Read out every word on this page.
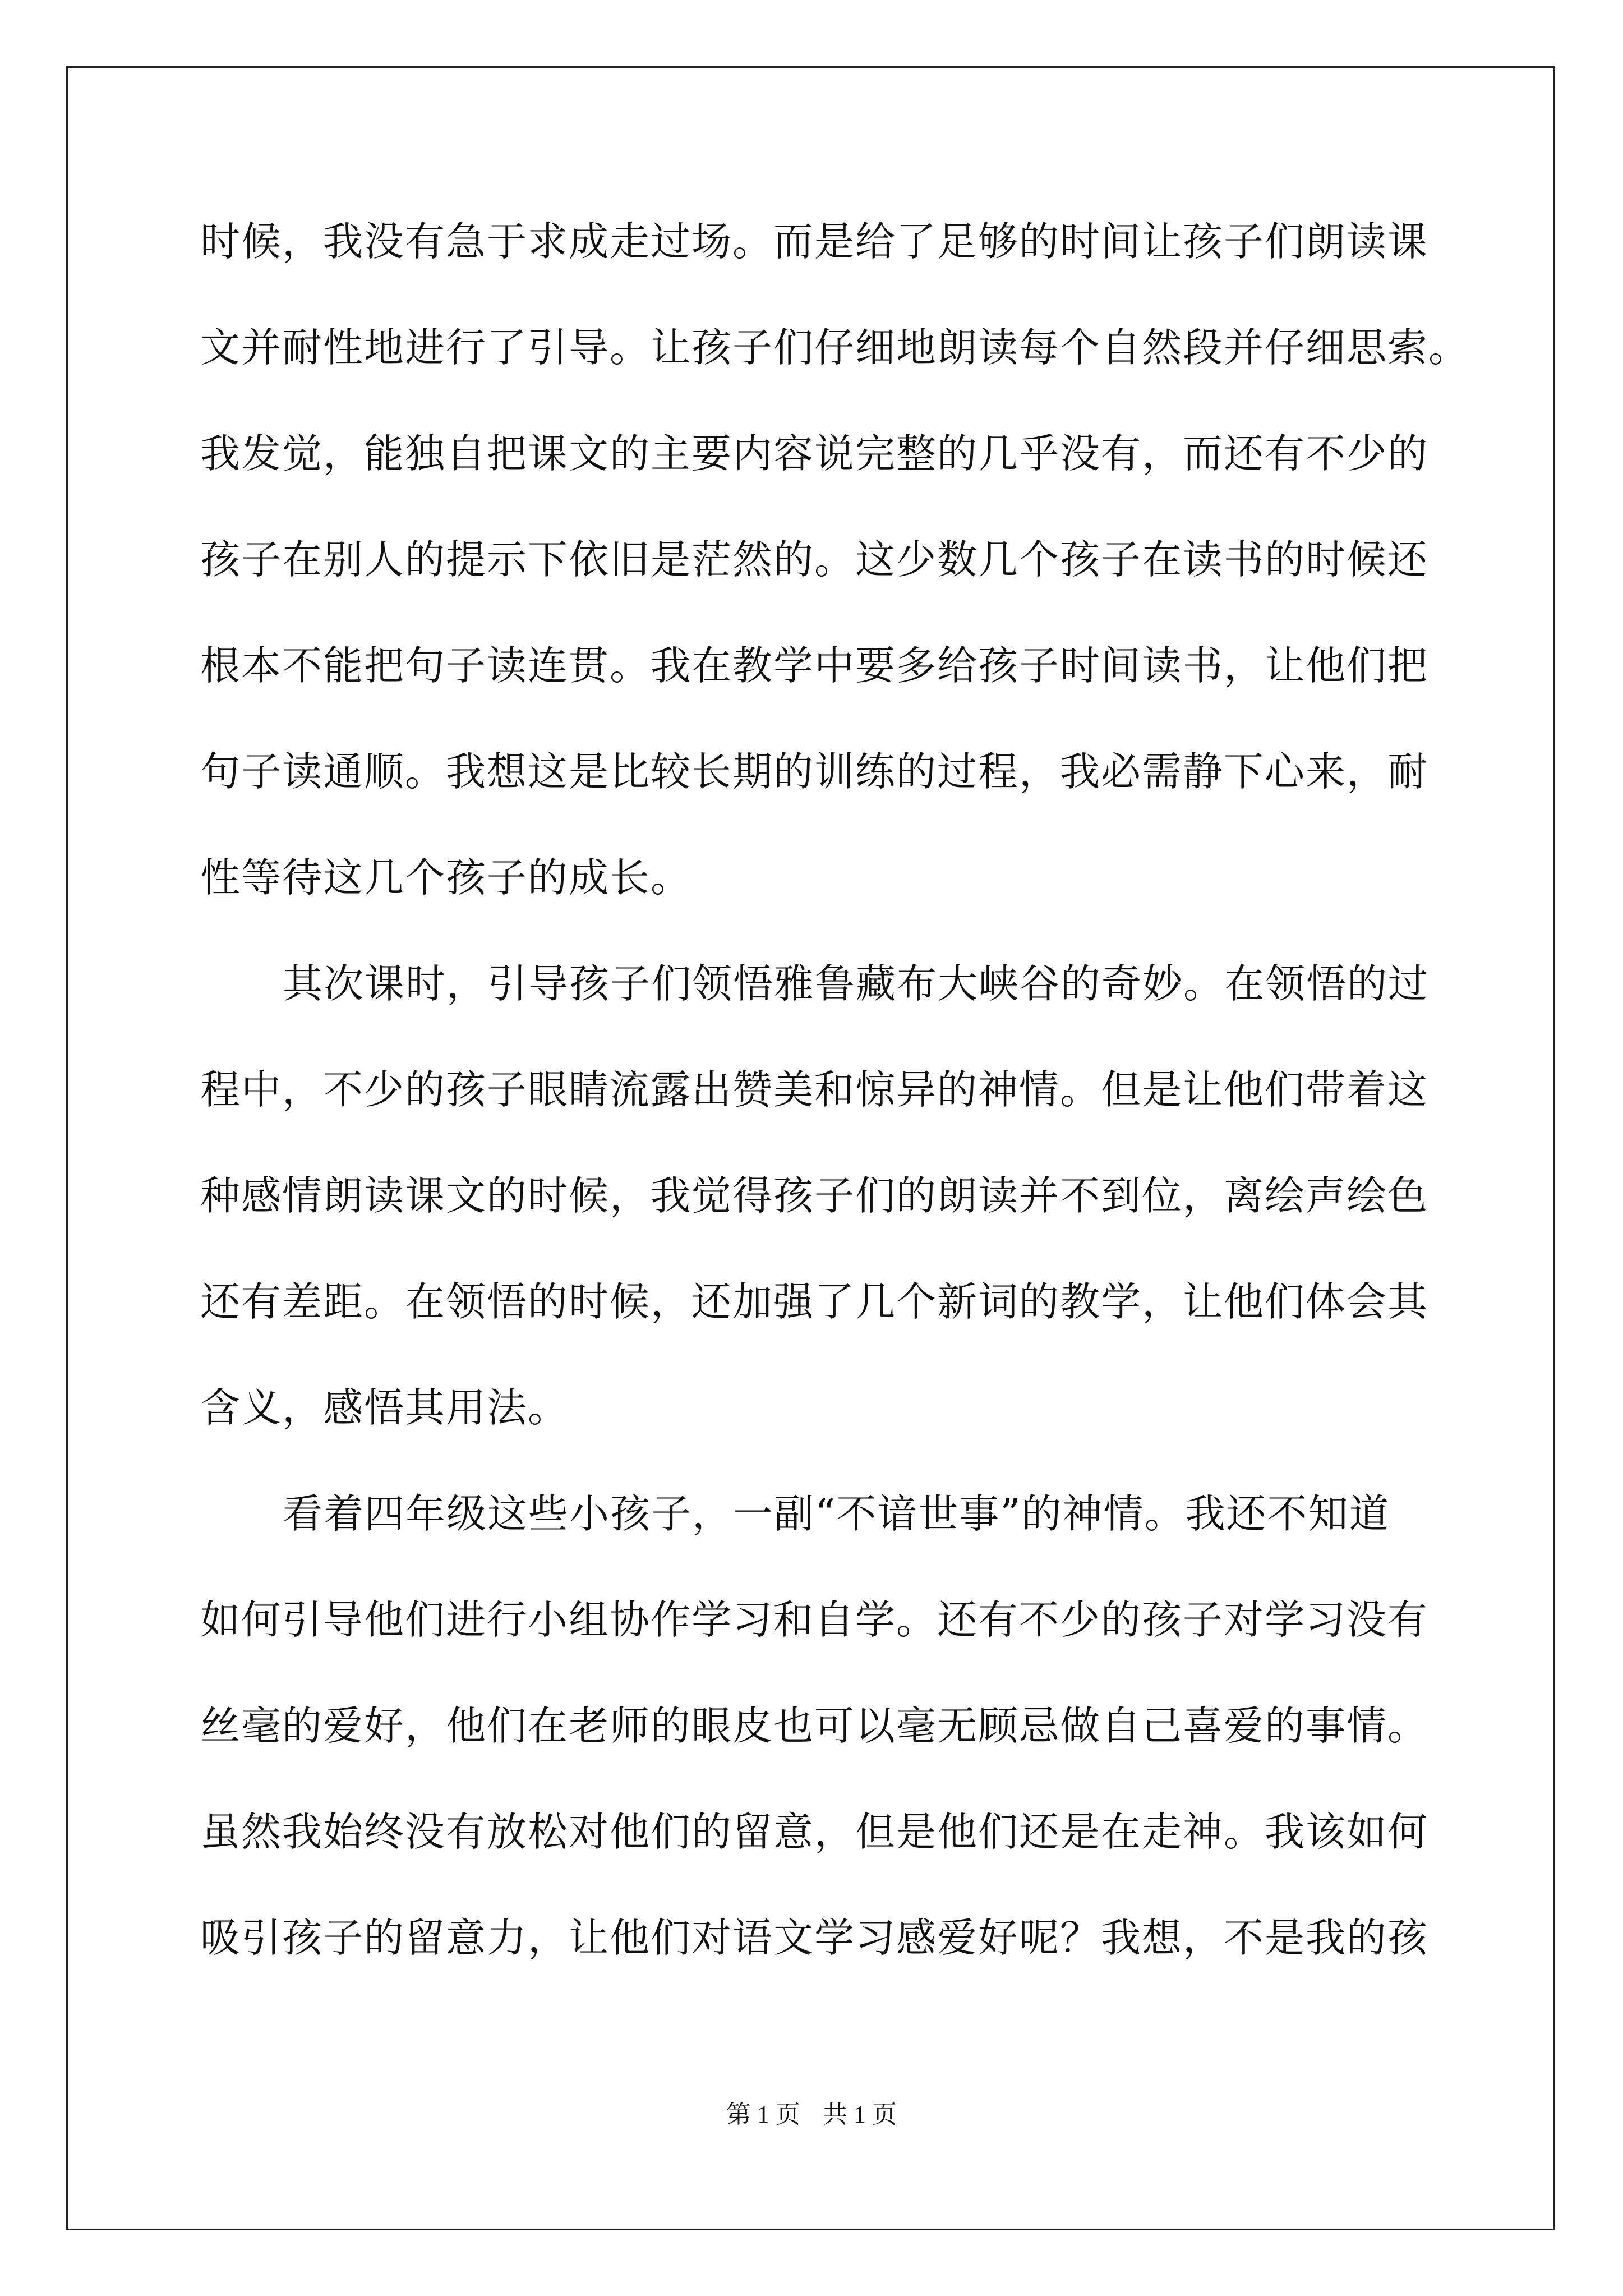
时候，我没有急于求成走过场。而是给了足够的时间让孩子们朗读课
文并耐性地进行了引导。让孩子们仔细地朗读每个自然段并仔细思索。
我发觉，能独自把课文的主要内容说完整的几乎没有，而还有不少的
孩子在别人的提示下依旧是茫然的。这少数几个孩子在读书的时候还
根本不能把句子读连贯。我在教学中要多给孩子时间读书，让他们把
句子读通顺。我想这是比较长期的训练的过程，我必需静下心来，耐
性等待这几个孩子的成长。
其次课时，引导孩子们领悟雅鲁藏布大峡谷的奇妙。在领悟的过
程中，不少的孩子眼睛流露出赞美和惊异的神情。但是让他们带着这
种感情朗读课文的时候，我觉得孩子们的朗读并不到位，离绘声绘色
还有差距。在领悟的时候，还加强了几个新词的教学，让他们体会其
含义，感悟其用法。
看着四年级这些小孩子，一副“不谙世事”的神情。我还不知道
如何引导他们进行小组协作学习和自学。还有不少的孩子对学习没有
丝毫的爱好，他们在老师的眼皮也可以毫无顾忌做自己喜爱的事情。
虽然我始终没有放松对他们的留意，但是他们还是在走神。我该如何
吸引孩子的留意力，让他们对语文学习感爱好呢？我想，不是我的孩
第 1 页 共 1 页
